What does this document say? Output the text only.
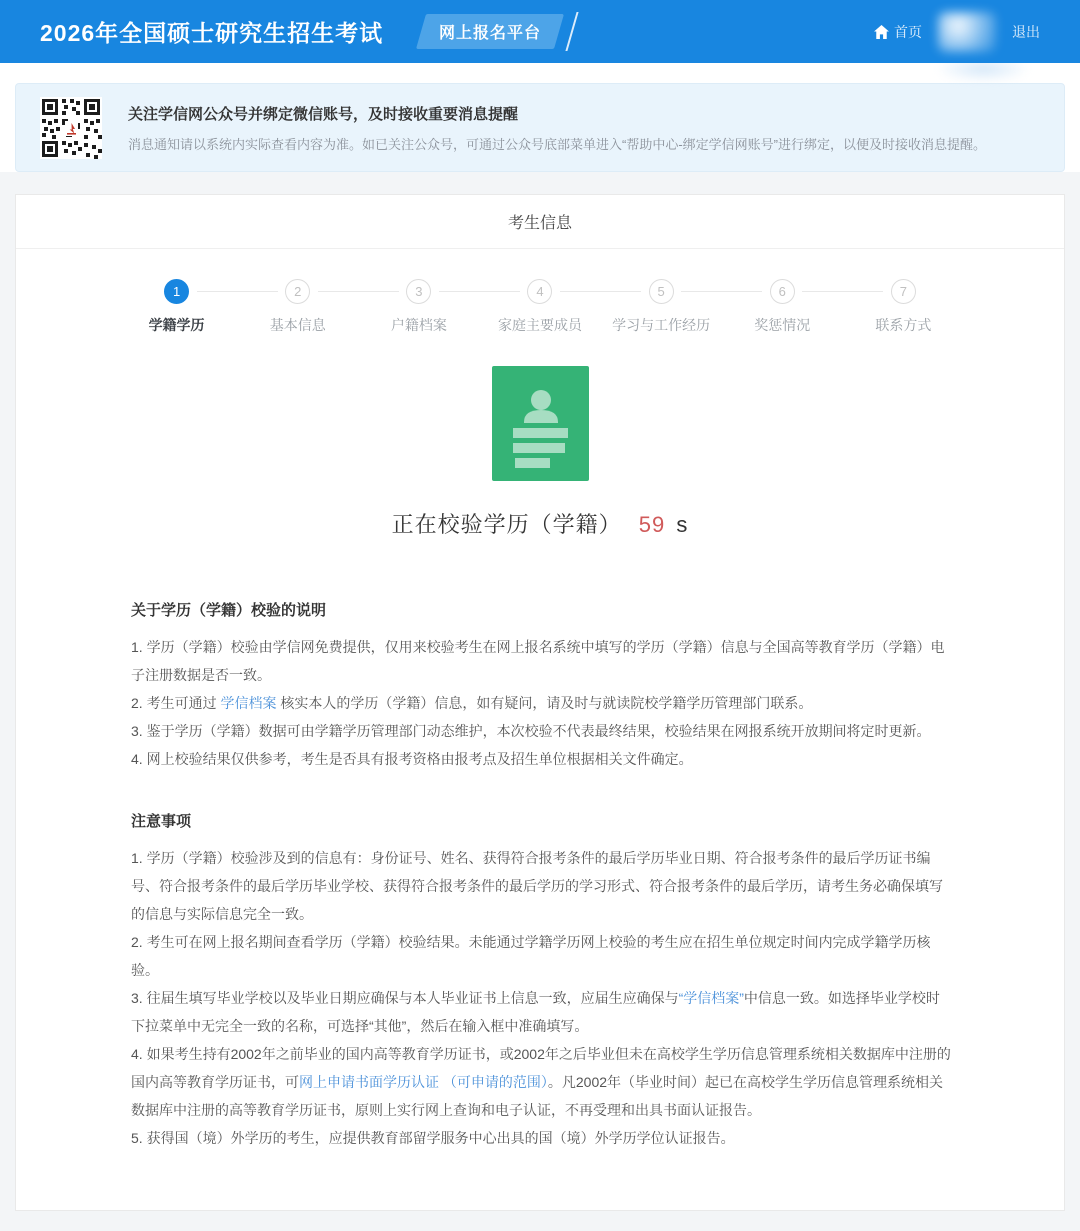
2026年全国硕士研究生招生考试	网上报名平台	首页	退出
关注学信网公众号并绑定微信账号，及时接收重要消息提醒
消息通知请以系统内实际查看内容为准。如已关注公众号，可通过公众号底部菜单进入“帮助中心-绑定学信网账号”进行绑定，以便及时接收消息提醒。
考生信息
1
学籍学历
2
基本信息
3
户籍档案
4
家庭主要成员
5
学习与工作经历
6
奖惩情况
7
联系方式
正在校验学历（学籍） 59 s
关于学历（学籍）校验的说明
1. 学历（学籍）校验由学信网免费提供，仅用来校验考生在网上报名系统中填写的学历（学籍）信息与全国高等教育学历（学籍）电子注册数据是否一致。
2. 考生可通过 学信档案 核实本人的学历（学籍）信息，如有疑问，请及时与就读院校学籍学历管理部门联系。
3. 鉴于学历（学籍）数据可由学籍学历管理部门动态维护，本次校验不代表最终结果，校验结果在网报系统开放期间将定时更新。
4. 网上校验结果仅供参考，考生是否具有报考资格由报考点及招生单位根据相关文件确定。
注意事项
1. 学历（学籍）校验涉及到的信息有：身份证号、姓名、获得符合报考条件的最后学历毕业日期、符合报考条件的最后学历证书编号、符合报考条件的最后学历毕业学校、获得符合报考条件的最后学历的学习形式、符合报考条件的最后学历，请考生务必确保填写的信息与实际信息完全一致。
2. 考生可在网上报名期间查看学历（学籍）校验结果。未能通过学籍学历网上校验的考生应在招生单位规定时间内完成学籍学历核验。
3. 往届生填写毕业学校以及毕业日期应确保与本人毕业证书上信息一致，应届生应确保与“学信档案”中信息一致。如选择毕业学校时下拉菜单中无完全一致的名称，可选择“其他”，然后在输入框中准确填写。
4. 如果考生持有2002年之前毕业的国内高等教育学历证书，或2002年之后毕业但未在高校学生学历信息管理系统相关数据库中注册的国内高等教育学历证书，可网上申请书面学历认证 （可申请的范围）。凡2002年（毕业时间）起已在高校学生学历信息管理系统相关数据库中注册的高等教育学历证书，原则上实行网上查询和电子认证，不再受理和出具书面认证报告。
5. 获得国（境）外学历的考生，应提供教育部留学服务中心出具的国（境）外学历学位认证报告。
